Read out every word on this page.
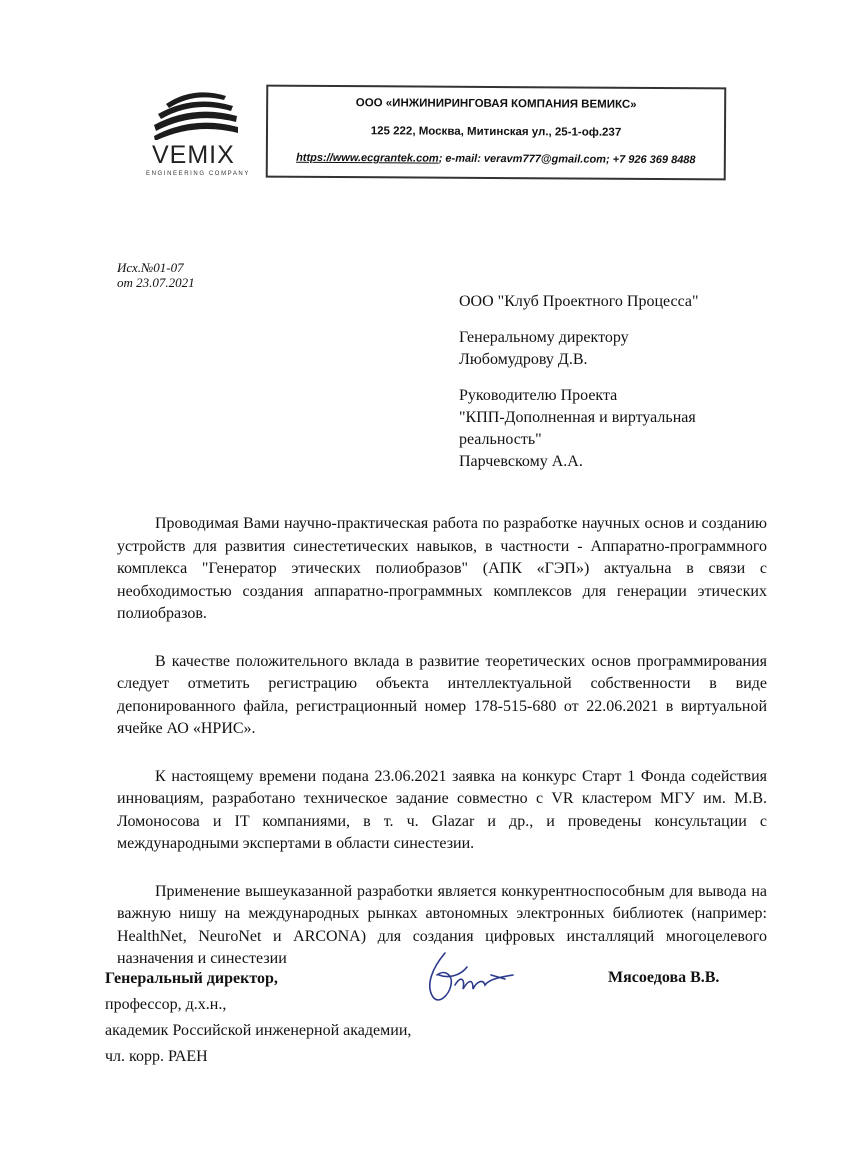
VEMIX
ENGINEERING COMPANY
ООО «ИНЖИНИРИНГОВАЯ КОМПАНИЯ ВЕМИКС»
125 222, Москва, Митинская ул., 25-1-оф.237
https://www.ecgrantek.com; e-mail: veravm777@gmail.com; +7 926 369 8488
Исх.№01-07
от 23.07.2021
ООО "Клуб Проектного Процесса"
Генеральному директору
Любомудрову Д.В.
Руководителю Проекта
"КПП-Дополненная и виртуальная
реальность"
Парчевскому А.А.

Проводимая Вами научно-практическая работа по разработке научных основ и созданию устройств для развития синестетических навыков, в частности - Аппаратно-программного комплекса "Генератор этических полиобразов" (АПК «ГЭП») актуальна в связи с необходимостью создания аппаратно-программных комплексов для генерации этических полиобразов.

В качестве положительного вклада в развитие теоретических основ программирования следует отметить регистрацию объекта интеллектуальной собственности в виде депонированного файла, регистрационный номер 178-515-680 от 22.06.2021 в виртуальной ячейке АО «НРИС».

К настоящему времени подана 23.06.2021 заявка на конкурс Старт 1 Фонда содействия инновациям, разработано техническое задание совместно с VR кластером МГУ им. М.В. Ломоносова и IT компаниями, в т. ч. Glazar и др., и проведены консультации с международными экспертами в области синестезии.

Применение вышеуказанной разработки является конкурентноспособным для вывода на важную нишу на международных рынках автономных электронных библиотек (например: HealthNet, NeuroNet и ARCONA) для создания цифровых инсталляций многоцелевого назначения и синестезии

Генеральный директор,
профессор, д.х.н.,
академик Российской инженерной академии,
чл. корр. РАЕН
Мясоедова В.В.
